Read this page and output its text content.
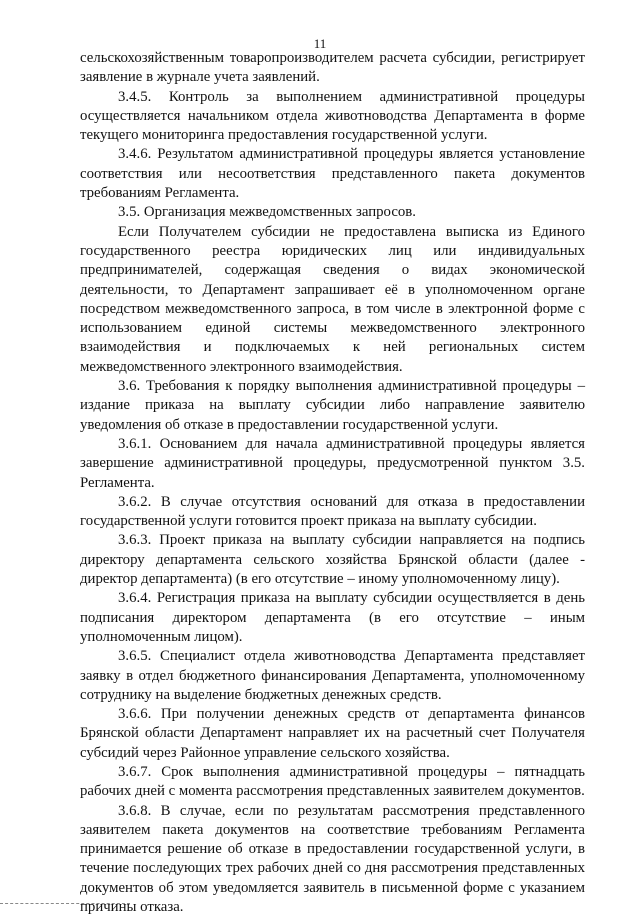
11

сельскохозяйственным товаропроизводителем расчета субсидии, регистрирует заявление в журнале учета заявлений.

3.4.5. Контроль за выполнением административной процедуры осуществляется начальником отдела животноводства Департамента в форме текущего мониторинга предоставления государственной услуги.

3.4.6. Результатом административной процедуры является установление соответствия или несоответствия представленного пакета документов требованиям Регламента.

3.5. Организация межведомственных запросов.

Если Получателем субсидии не предоставлена выписка из Единого государственного реестра юридических лиц или индивидуальных предпринимателей, содержащая сведения о видах экономической деятельности, то Департамент запрашивает её в уполномоченном органе посредством межведомственного запроса, в том числе в электронной форме с использованием единой системы межведомственного электронного взаимодействия и подключаемых к ней региональных систем межведомственного электронного взаимодействия.

3.6. Требования к порядку выполнения административной процедуры – издание приказа на выплату субсидии либо направление заявителю уведомления об отказе в предоставлении государственной услуги.

3.6.1. Основанием для начала административной процедуры является завершение административной процедуры, предусмотренной пунктом 3.5. Регламента.

3.6.2. В случае отсутствия оснований для отказа в предоставлении государственной услуги готовится проект приказа на выплату субсидии.

3.6.3. Проект приказа на выплату субсидии направляется на подпись директору департамента сельского хозяйства Брянской области (далее - директор департамента) (в его отсутствие – иному уполномоченному лицу).

3.6.4. Регистрация приказа на выплату субсидии осуществляется в день подписания директором департамента (в его отсутствие – иным уполномоченным лицом).

3.6.5. Специалист отдела животноводства Департамента представляет заявку в отдел бюджетного финансирования Департамента, уполномоченному сотруднику на выделение бюджетных денежных средств.

3.6.6. При получении денежных средств от департамента финансов Брянской области Департамент направляет их на расчетный счет Получателя субсидий через Районное управление сельского хозяйства.

3.6.7. Срок выполнения административной процедуры – пятнадцать рабочих дней с момента рассмотрения представленных заявителем документов.

3.6.8. В случае, если по результатам рассмотрения представленного заявителем пакета документов на соответствие требованиям Регламента принимается решение об отказе в предоставлении государственной услуги, в течение последующих трех рабочих дней со дня рассмотрения представленных документов об этом уведомляется заявитель в письменной форме с указанием причины отказа.
